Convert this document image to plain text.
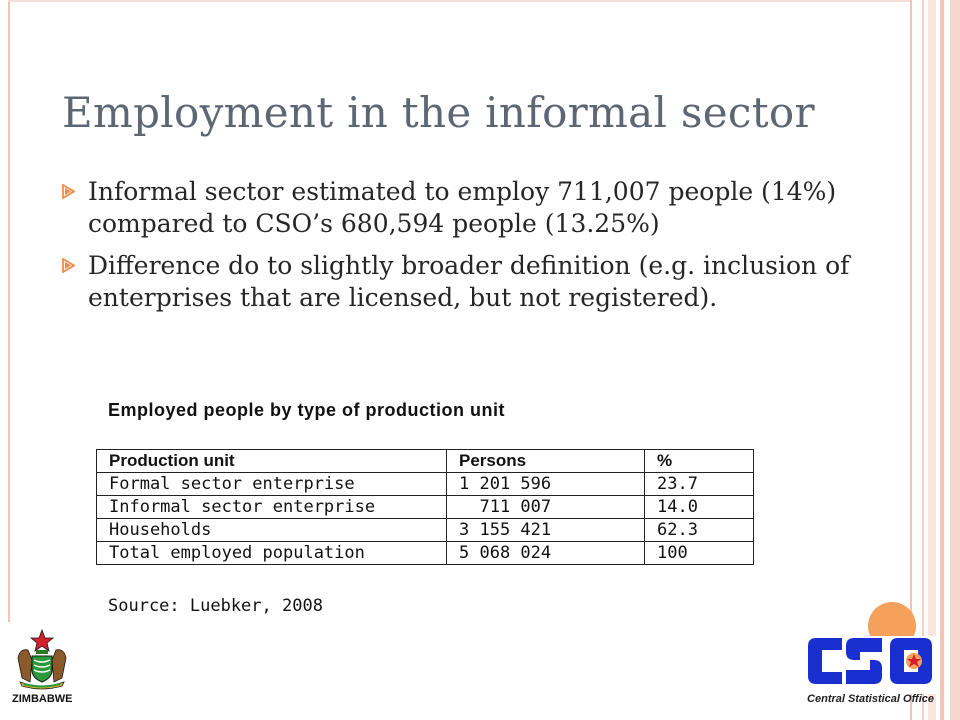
Employment in the informal sector
Informal sector estimated to employ 711,007 people (14%) compared to CSO’s 680,594 people (13.25%)
Difference do to slightly broader definition (e.g. inclusion of enterprises that are licensed, but not registered).
Employed people by type of production unit
Production unit	Persons	%
Formal sector enterprise	1 201 596	23.7
Informal sector enterprise	711 007	14.0
Households	3 155 421	62.3
Total employed population	5 068 024	100
Source: Luebker, 2008
ZIMBABWE	Central Statistical Office
